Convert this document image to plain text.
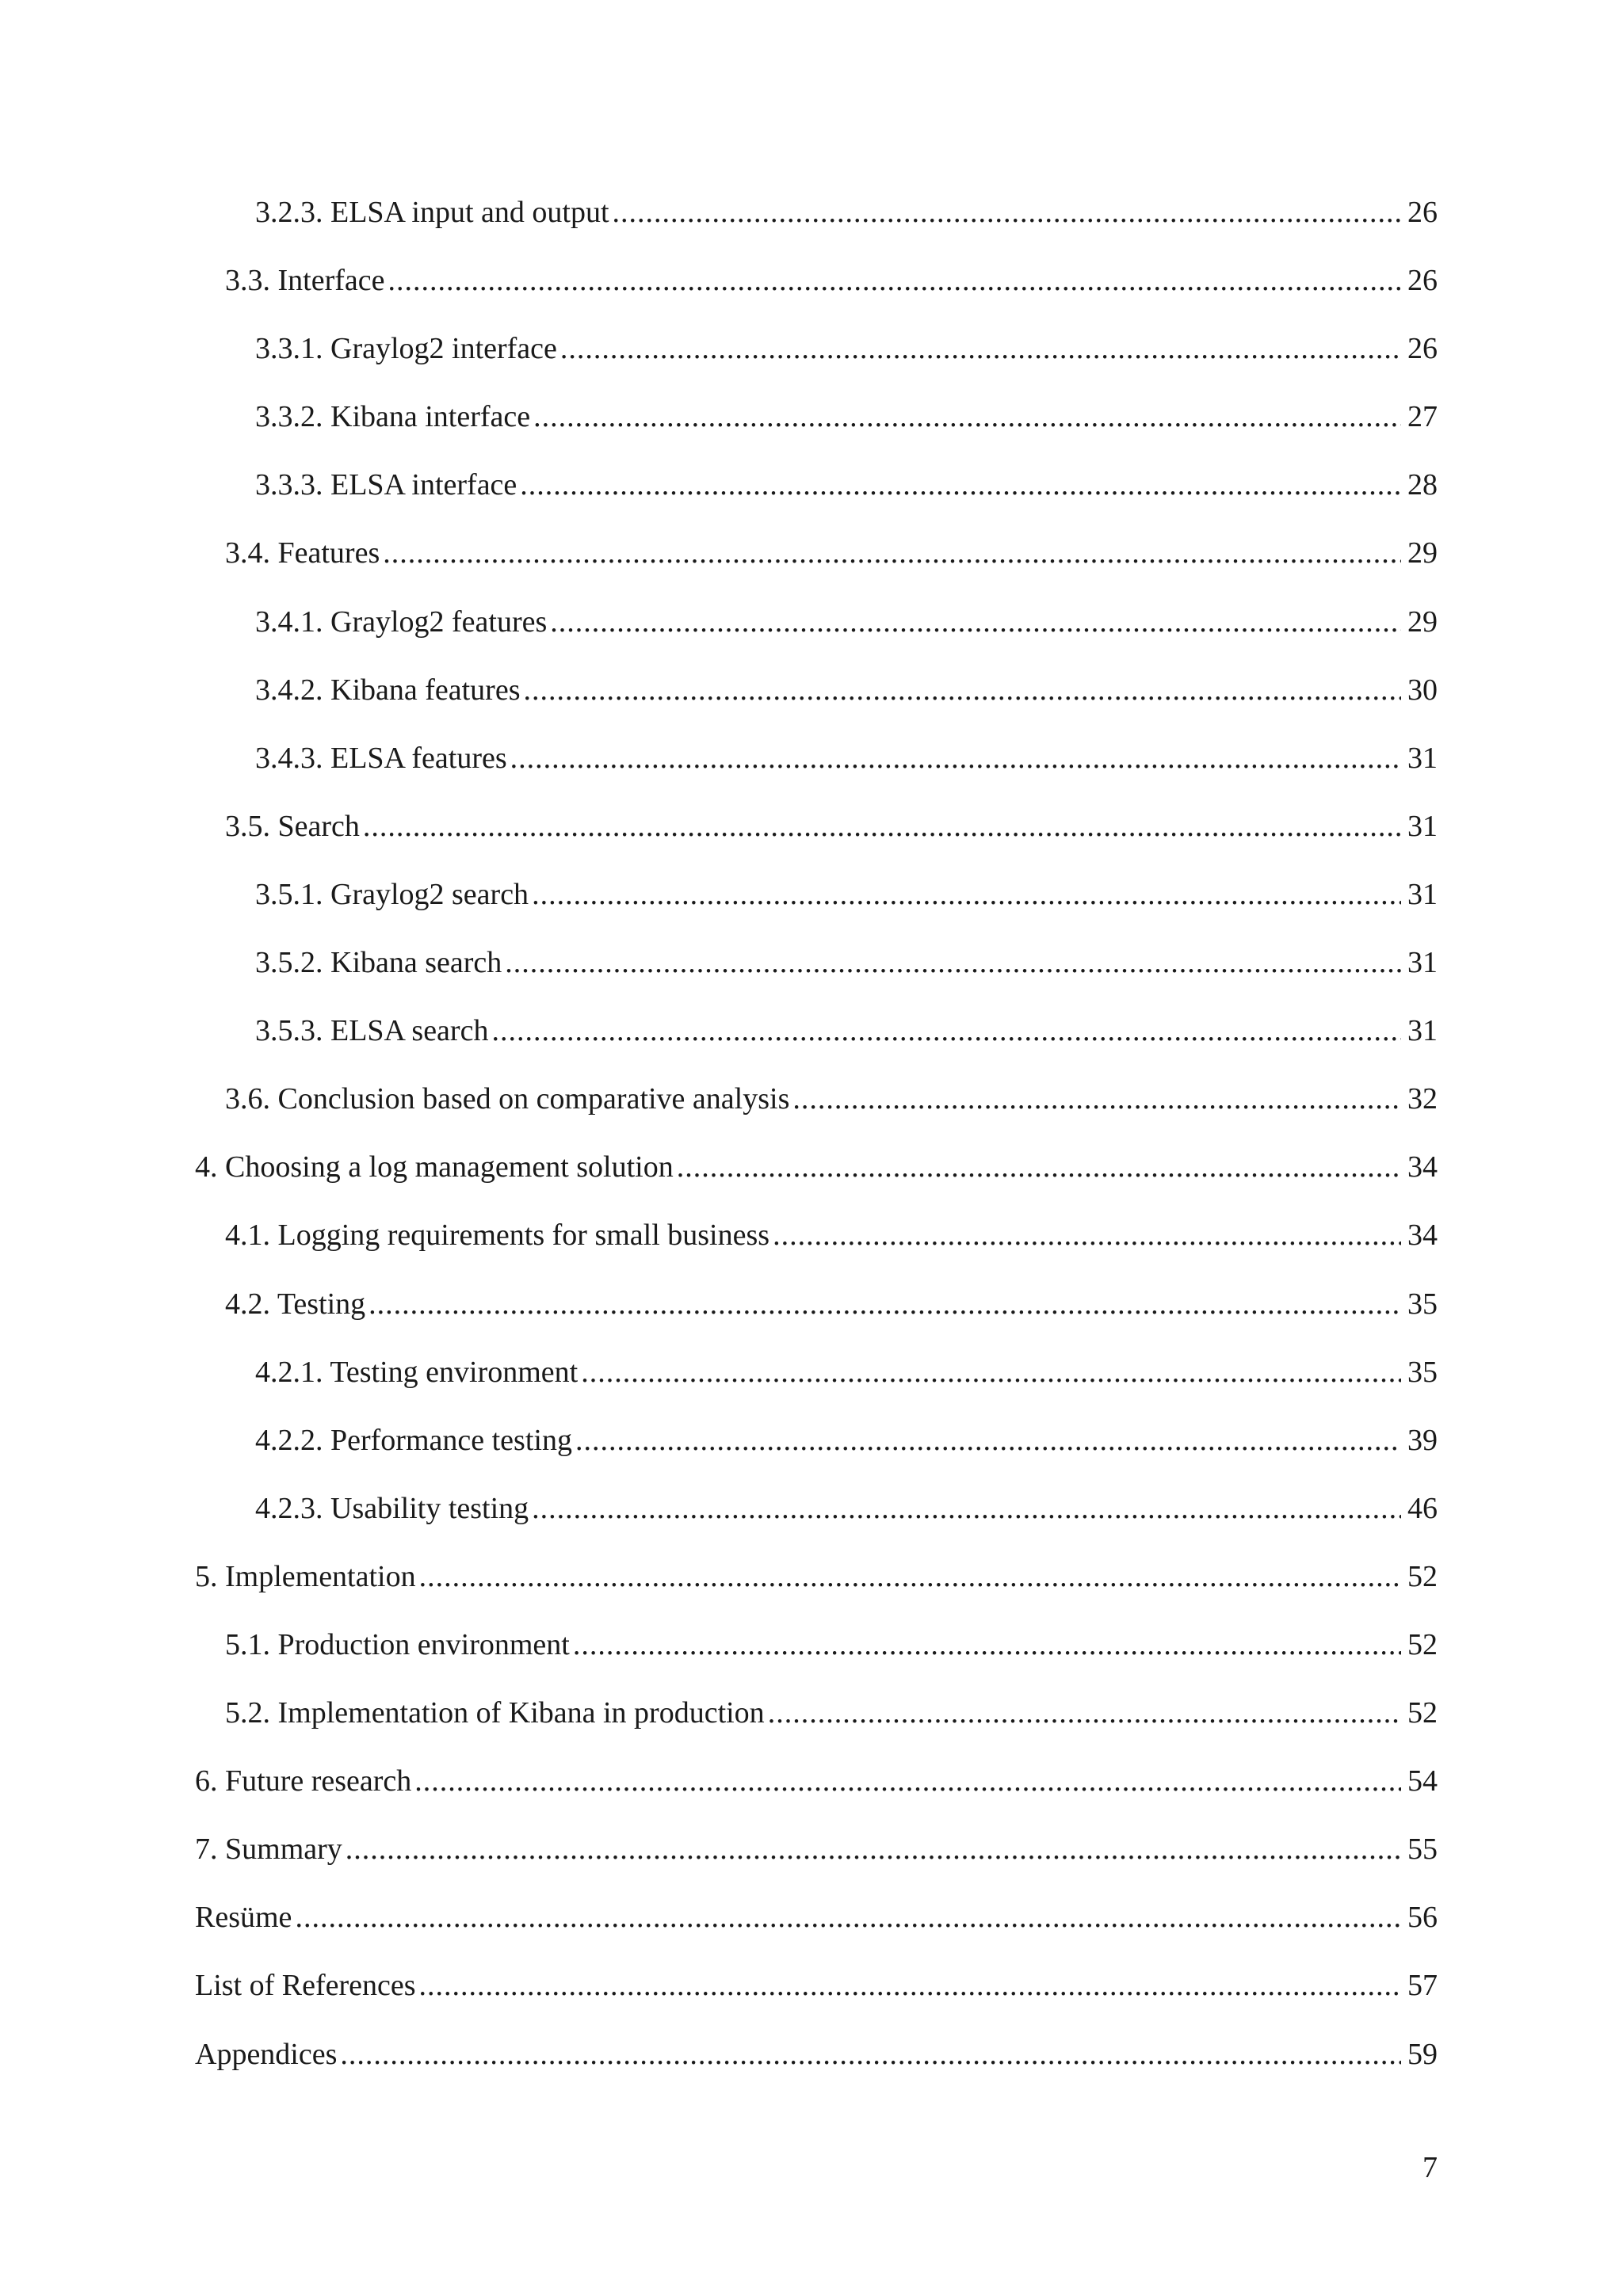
3.2.3. ELSA input and output .....	26
3.3. Interface .....	26
3.3.1. Graylog2 interface .....	26
3.3.2. Kibana interface .....	27
3.3.3. ELSA interface .....	28
3.4. Features .....	29
3.4.1. Graylog2 features .....	29
3.4.2. Kibana features .....	30
3.4.3. ELSA features .....	31
3.5. Search .....	31
3.5.1. Graylog2 search .....	31
3.5.2. Kibana search .....	31
3.5.3. ELSA search .....	31
3.6. Conclusion based on comparative analysis .....	32
4. Choosing a log management solution .....	34
4.1. Logging requirements for small business .....	34
4.2. Testing .....	35
4.2.1. Testing environment .....	35
4.2.2. Performance testing .....	39
4.2.3. Usability testing .....	46
5. Implementation .....	52
5.1. Production environment .....	52
5.2. Implementation of Kibana in production .....	52
6. Future research .....	54
7. Summary .....	55
Resüme .....	56
List of References .....	57
Appendices .....	59
7
